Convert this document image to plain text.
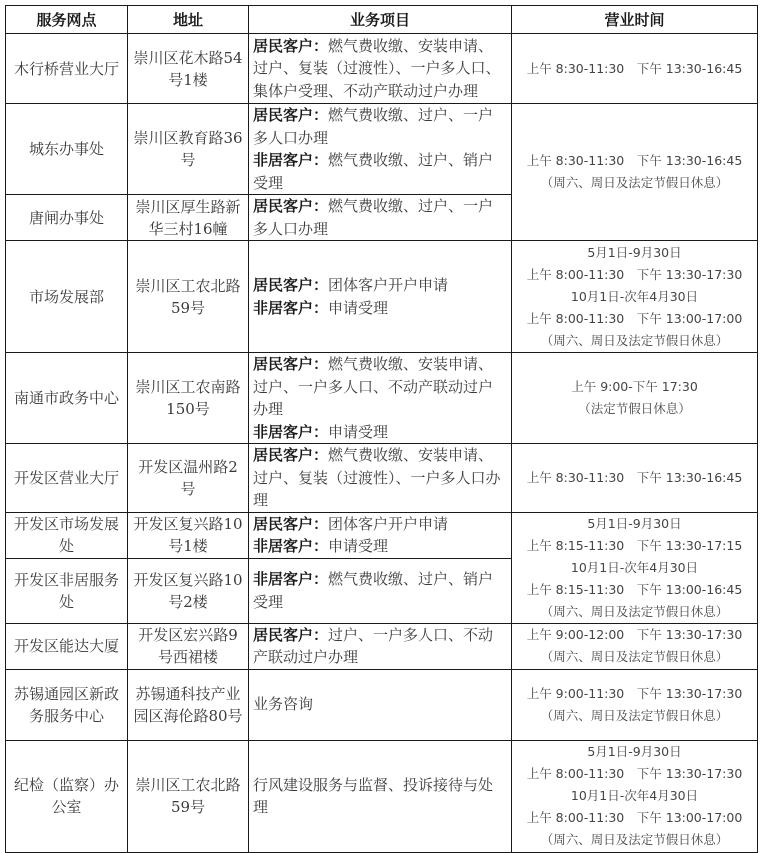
服务网点	地址	业务项目	营业时间
木行桥营业大厅	崇川区花木路54号1楼	居民客户：燃气费收缴、安装申请、过户、复装（过渡性）、一户多人口、集体户受理、不动产联动过户办理	上午 8:30-11:30　下午 13:30-16:45

城东办事处	崇川区教育路36号	居民客户：燃气费收缴、过户、一户多人口办理
非居客户：燃气费收缴、过户、销户受理	上午 8:30-11:30　下午 13:30-16:45
（周六、周日及法定节假日休息）

唐闸办事处	崇川区厚生路新华三村16幢	居民客户：燃气费收缴、过户、一户多人口办理	

市场发展部	崇川区工农北路59号	居民客户：团体客户开户申请
非居客户：申请受理	5月1日-9月30日
上午 8:00-11:30　下午 13:30-17:30
10月1日-次年4月30日
上午 8:00-11:30　下午 13:00-17:00
（周六、周日及法定节假日休息）

南通市政务中心	崇川区工农南路150号	居民客户：燃气费收缴、安装申请、过户、一户多人口、不动产联动过户办理
非居客户：申请受理	上午 9:00-下午 17:30
（法定节假日休息）

开发区营业大厅	开发区温州路2号	居民客户：燃气费收缴、安装申请、过户、复装（过渡性）、一户多人口办理	上午 8:30-11:30　下午 13:30-16:45

开发区市场发展处	开发区复兴路10号1楼	居民客户：团体客户开户申请
非居客户：申请受理	5月1日-9月30日
上午 8:15-11:30　下午 13:30-17:15
10月1日-次年4月30日
上午 8:15-11:30　下午 13:00-16:45
（周六、周日及法定节假日休息）

开发区非居服务处	开发区复兴路10号2楼	非居客户：燃气费收缴、过户、销户受理	

开发区能达大厦	开发区宏兴路9号西裙楼	居民客户：过户、一户多人口、不动产联动过户办理	上午 9:00-12:00　下午 13:30-17:30
（周六、周日及法定节假日休息）

苏锡通园区新政务服务中心	苏锡通科技产业园区海伦路80号	业务咨询	上午 9:00-11:30　下午 13:30-17:30
（周六、周日及法定节假日休息）

纪检（监察）办公室	崇川区工农北路59号	行风建设服务与监督、投诉接待与处理	5月1日-9月30日
上午 8:00-11:30　下午 13:30-17:30
10月1日-次年4月30日
上午 8:00-11:30　下午 13:00-17:00
（周六、周日及法定节假日休息）
